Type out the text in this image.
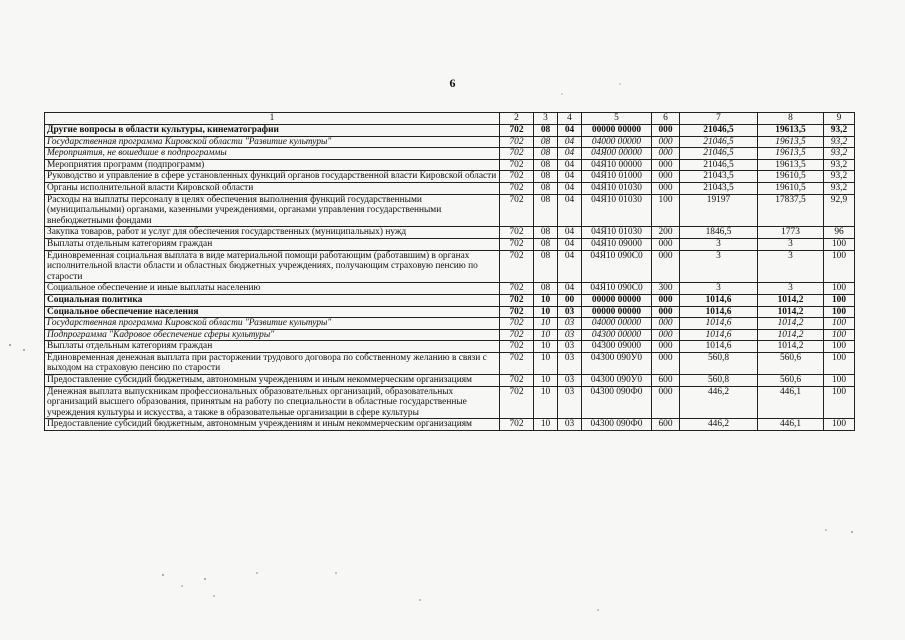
6
1	2	3	4	5	6	7	8	9
Другие вопросы в области культуры, кинематографии	702	08	04	00000 00000	000	21046,5	19613,5	93,2
Государственная программа Кировской области "Развитие культуры"	702	08	04	04000 00000	000	21046,5	19613,5	93,2
Мероприятия, не вошедшие в подпрограммы	702	08	04	04Я00 00000	000	21046,5	19613,5	93,2
Мероприятия программ (подпрограмм)	702	08	04	04Я10 00000	000	21046,5	19613,5	93,2
Руководство и управление в сфере установленных функций органов государственной власти Кировской области	702	08	04	04Я10 01000	000	21043,5	19610,5	93,2
Органы исполнительной власти Кировской области	702	08	04	04Я10 01030	000	21043,5	19610,5	93,2
Расходы на выплаты персоналу в целях обеспечения выполнения функций государственными (муниципальными) органами, казенными учреждениями, органами управления государственными внебюджетными фондами	702	08	04	04Я10 01030	100	19197	17837,5	92,9
Закупка товаров, работ и услуг для обеспечения государственных (муниципальных) нужд	702	08	04	04Я10 01030	200	1846,5	1773	96
Выплаты отдельным категориям граждан	702	08	04	04Я10 09000	000	3	3	100
Единовременная социальная выплата в виде материальной помощи работающим (работавшим) в органах исполнительной власти области и областных бюджетных учреждениях, получающим страховую пенсию по старости	702	08	04	04Я10 090С0	000	3	3	100
Социальное обеспечение и иные выплаты населению	702	08	04	04Я10 090С0	300	3	3	100
Социальная политика	702	10	00	00000 00000	000	1014,6	1014,2	100
Социальное обеспечение населения	702	10	03	00000 00000	000	1014,6	1014,2	100
Государственная программа Кировской области "Развитие культуры"	702	10	03	04000 00000	000	1014,6	1014,2	100
Подпрограмма "Кадровое обеспечение сферы культуры"	702	10	03	04300 00000	000	1014,6	1014,2	100
Выплаты отдельным категориям граждан	702	10	03	04300 09000	000	1014,6	1014,2	100
Единовременная денежная выплата при расторжении трудового договора по собственному желанию в связи с выходом на страховую пенсию по старости	702	10	03	04300 090У0	000	560,8	560,6	100
Предоставление субсидий бюджетным, автономным учреждениям и иным некоммерческим организациям	702	10	03	04300 090У0	600	560,8	560,6	100
Денежная выплата выпускникам профессиональных образовательных организаций, образовательных организаций высшего образования, принятым на работу по специальности в областные государственные учреждения культуры и искусства, а также в образовательные организации в сфере культуры	702	10	03	04300 090Ф0	000	446,2	446,1	100
Предоставление субсидий бюджетным, автономным учреждениям и иным некоммерческим организациям	702	10	03	04300 090Ф0	600	446,2	446,1	100
